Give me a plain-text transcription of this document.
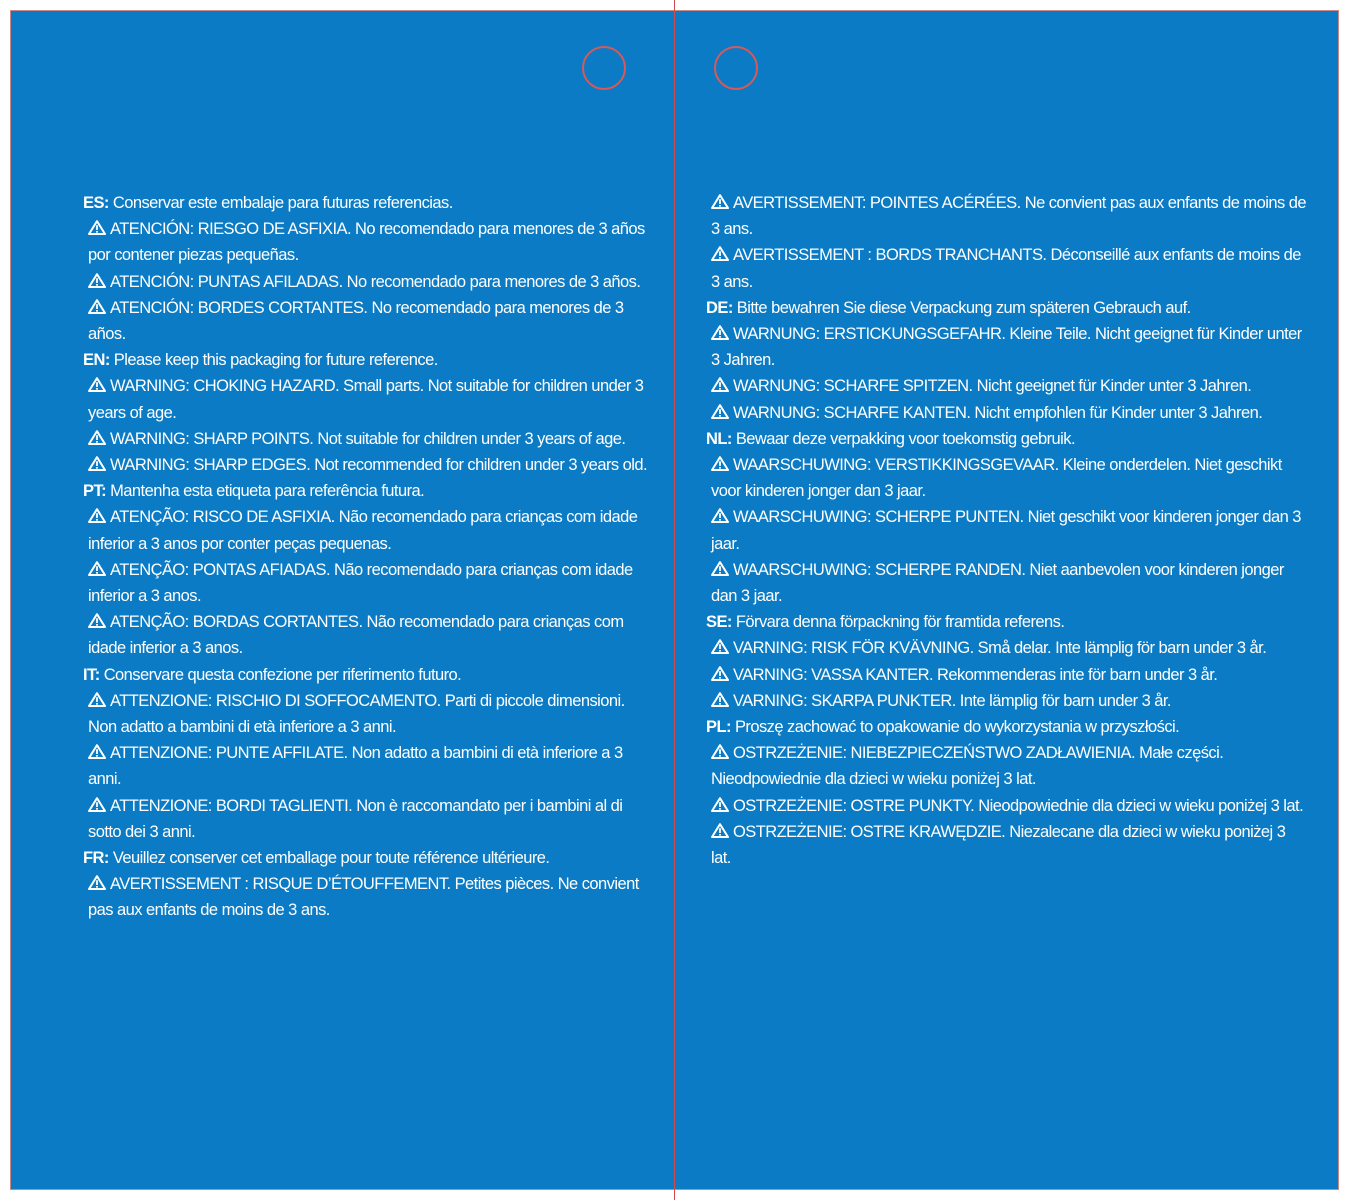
ES: Conservar este embalaje para futuras referencias.

ATENCIÓN: RIESGO DE ASFIXIA. No recomendado para menores de 3 años por contener piezas pequeñas.

ATENCIÓN: PUNTAS AFILADAS. No recomendado para menores de 3 años.

ATENCIÓN: BORDES CORTANTES. No recomendado para menores de 3 años.

EN: Please keep this packaging for future reference.

WARNING: CHOKING HAZARD. Small parts. Not suitable for children under 3 years of age.

WARNING: SHARP POINTS. Not suitable for children under 3 years of age.

WARNING: SHARP EDGES. Not recommended for children under 3 years old.

PT: Mantenha esta etiqueta para referência futura.

ATENÇÃO: RISCO DE ASFIXIA. Não recomendado para crianças com idade inferior a 3 anos por conter peças pequenas.

ATENÇÃO: PONTAS AFIADAS. Não recomendado para crianças com idade inferior a 3 anos.

ATENÇÃO: BORDAS CORTANTES. Não recomendado para crianças com idade inferior a 3 anos.

IT: Conservare questa confezione per riferimento futuro.

ATTENZIONE: RISCHIO DI SOFFOCAMENTO. Parti di piccole dimensioni. Non adatto a bambini di età inferiore a 3 anni.

ATTENZIONE: PUNTE AFFILATE. Non adatto a bambini di età inferiore a 3 anni.

ATTENZIONE: BORDI TAGLIENTI. Non è raccomandato per i bambini al di sotto dei 3 anni.

FR: Veuillez conserver cet emballage pour toute référence ultérieure.

AVERTISSEMENT : RISQUE D’ÉTOUFFEMENT. Petites pièces. Ne convient pas aux enfants de moins de 3 ans.

AVERTISSEMENT: POINTES ACÉRÉES. Ne convient pas aux enfants de moins de 3 ans.

AVERTISSEMENT : BORDS TRANCHANTS. Déconseillé aux enfants de moins de 3 ans.

DE: Bitte bewahren Sie diese Verpackung zum späteren Gebrauch auf.

WARNUNG: ERSTICKUNGSGEFAHR. Kleine Teile. Nicht geeignet für Kinder unter 3 Jahren.

WARNUNG: SCHARFE SPITZEN. Nicht geeignet für Kinder unter 3 Jahren.

WARNUNG: SCHARFE KANTEN. Nicht empfohlen für Kinder unter 3 Jahren.

NL: Bewaar deze verpakking voor toekomstig gebruik.

WAARSCHUWING: VERSTIKKINGSGEVAAR. Kleine onderdelen. Niet geschikt voor kinderen jonger dan 3 jaar.

WAARSCHUWING: SCHERPE PUNTEN. Niet geschikt voor kinderen jonger dan 3 jaar.

WAARSCHUWING: SCHERPE RANDEN. Niet aanbevolen voor kinderen jonger dan 3 jaar.

SE: Förvara denna förpackning för framtida referens.

VARNING: RISK FÖR KVÄVNING. Små delar. Inte lämplig för barn under 3 år.

VARNING: VASSA KANTER. Rekommenderas inte för barn under 3 år.

VARNING: SKARPA PUNKTER. Inte lämplig för barn under 3 år.

PL: Proszę zachować to opakowanie do wykorzystania w przyszłości.

OSTRZEŻENIE: NIEBEZPIECZEŃSTWO ZADŁAWIENIA. Małe części. Nieodpowiednie dla dzieci w wieku poniżej 3 lat.

OSTRZEŻENIE: OSTRE PUNKTY. Nieodpowiednie dla dzieci w wieku poniżej 3 lat.

OSTRZEŻENIE: OSTRE KRAWĘDZIE. Niezalecane dla dzieci w wieku poniżej 3 lat.
